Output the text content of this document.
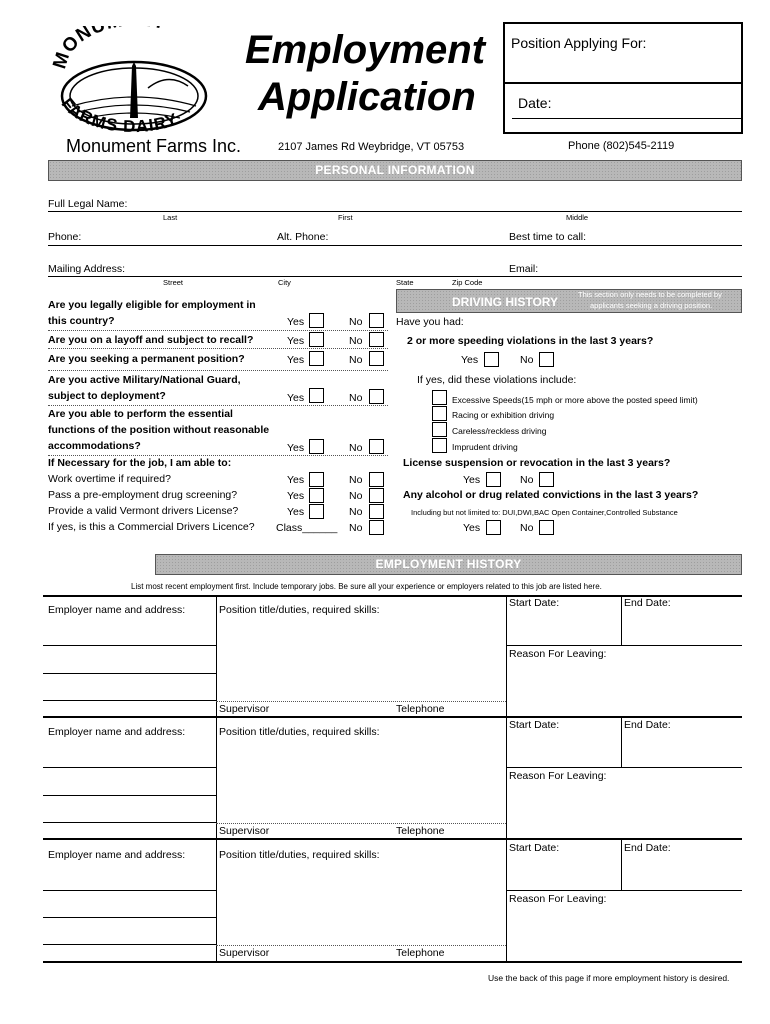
MONU
FARMS DAIRY
Employment
Application
Monument Farms Inc.	2107 James Rd Weybridge, VT 05753	Phone (802)545-2119
Position Applying For:
Date:
PERSONAL INFORMATION
Full Legal Name:
Last	First	Middle
Phone:	Alt. Phone:	Best time to call:
Mailing Address:	Email:
Street	City	State	Zip Code
Are you legally eligible for employment in
this country?	Yes	No
Are you on a layoff and subject to recall?	Yes	No
Are you seeking a permanent position?	Yes	No
Are you active Military/National Guard,
subject to deployment?	Yes	No
Are you able to perform the essential
functions of the position without reasonable
accommodations?	Yes	No
If Necessary for the job, I am able to:
Work overtime if required?	Yes	No
Pass a pre-employment drug screening?	Yes	No
Provide a valid Vermont drivers License?	Yes	No
If yes, is this a Commercial Drivers Licence? Class______ No
DRIVING HISTORY
This section only needs to be completed by
applicants seeking a driving position.
Have you had:
2 or more speeding violations in the last 3 years?
Yes	No
If yes, did these violations include:
Excessive Speeds(15 mph or more above the posted speed limit)
Racing or exhibition driving
Careless/reckless driving
Imprudent driving
License suspension or revocation in the last 3 years?
Yes	No
Any alcohol or drug related convictions in the last 3 years?
Including but not limited to: DUI,DWI,BAC Open Container,Controlled Substance
Yes	No
EMPLOYMENT HISTORY
List most recent employment first. Include temporary jobs. Be sure all your experience or employers related to this job are listed here.
Employer name and address:	Position title/duties, required skills:
Start Date:	End Date:
Reason For Leaving:
Supervisor	Telephone
Employer name and address:	Position title/duties, required skills:
Start Date:	End Date:
Reason For Leaving:
Supervisor	Telephone
Employer name and address:	Position title/duties, required skills:
Start Date:	End Date:
Reason For Leaving:
Supervisor	Telephone
Use the back of this page if more employment history is desired.
